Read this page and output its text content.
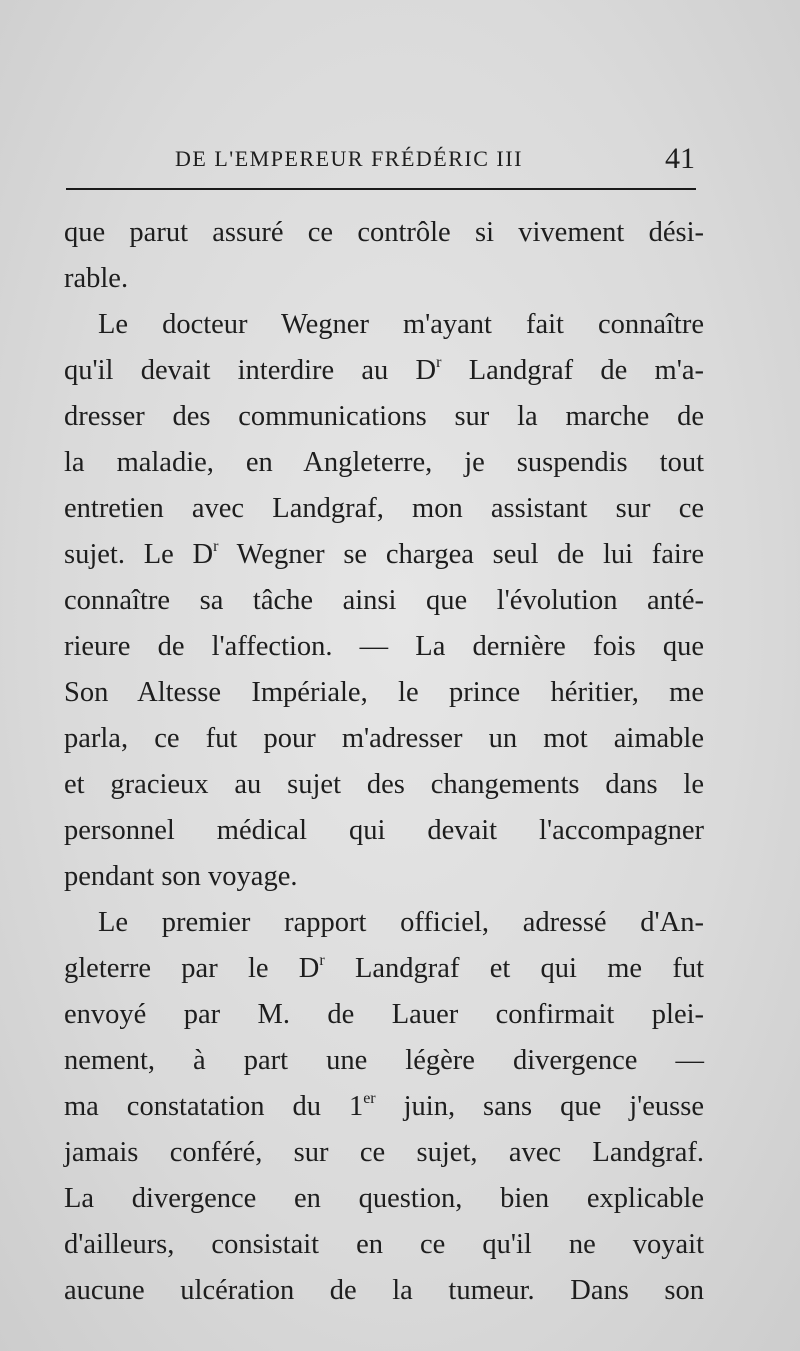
DE L'EMPEREUR FRÉDÉRIC III	41
que parut assuré ce contrôle si vivement dési-
rable.
Le docteur Wegner m'ayant fait connaître
qu'il devait interdire au $D^r$ Landgraf de m'a-
dresser des communications sur la marche de
la maladie, en Angleterre, je suspendis tout
entretien avec Landgraf, mon assistant sur ce
sujet. Le $D^r$ Wegner se chargea seul de lui faire
connaître sa tâche ainsi que l'évolution anté-
rieure de l'affection. — La dernière fois que
Son Altesse Impériale, le prince héritier, me
parla, ce fut pour m'adresser un mot aimable
et gracieux au sujet des changements dans le
personnel médical qui devait l'accompagner
pendant son voyage.
Le premier rapport officiel, adressé d'An-
gleterre par le $D^r$ Landgraf et qui me fut
envoyé par M. de Lauer confirmait plei-
nement, à part une légère divergence —
ma constatation du 1er juin, sans que j'eusse
jamais conféré, sur ce sujet, avec Landgraf.
La divergence en question, bien explicable
d'ailleurs, consistait en ce qu'il ne voyait
aucune ulcération de la tumeur. Dans son
